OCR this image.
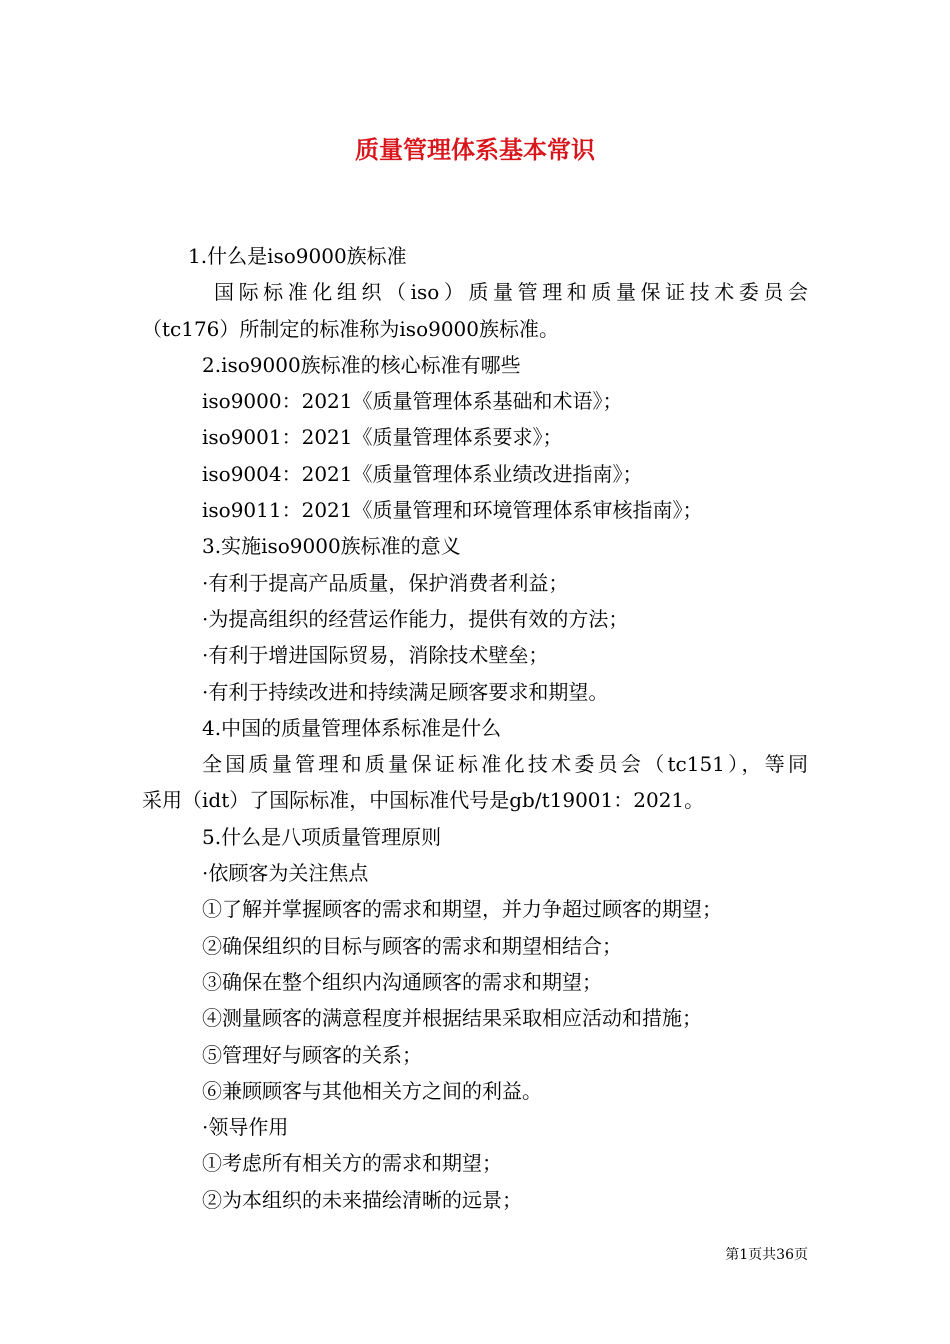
质量管理体系基本常识
1.什么是iso9000族标准
国际标准化组织（iso）质量管理和质量保证技术委员会
（tc176）所制定的标准称为iso9000族标准。
2.iso9000族标准的核心标准有哪些
iso9000：2021《质量管理体系基础和术语》；
iso9001：2021《质量管理体系要求》；
iso9004：2021《质量管理体系业绩改进指南》；
iso9011：2021《质量管理和环境管理体系审核指南》；
3.实施iso9000族标准的意义
·有利于提高产品质量，保护消费者利益；
·为提高组织的经营运作能力，提供有效的方法；
·有利于增进国际贸易，消除技术壁垒；
·有利于持续改进和持续满足顾客要求和期望。
4.中国的质量管理体系标准是什么
全国质量管理和质量保证标准化技术委员会（tc151），等同
采用（idt）了国际标准，中国标准代号是gb/t19001：2021。
5.什么是八项质量管理原则
·依顾客为关注焦点
①了解并掌握顾客的需求和期望，并力争超过顾客的期望；
②确保组织的目标与顾客的需求和期望相结合；
③确保在整个组织内沟通顾客的需求和期望；
④测量顾客的满意程度并根据结果采取相应活动和措施；
⑤管理好与顾客的关系；
⑥兼顾顾客与其他相关方之间的利益。
·领导作用
①考虑所有相关方的需求和期望；
②为本组织的未来描绘清晰的远景；
第1页共36页
